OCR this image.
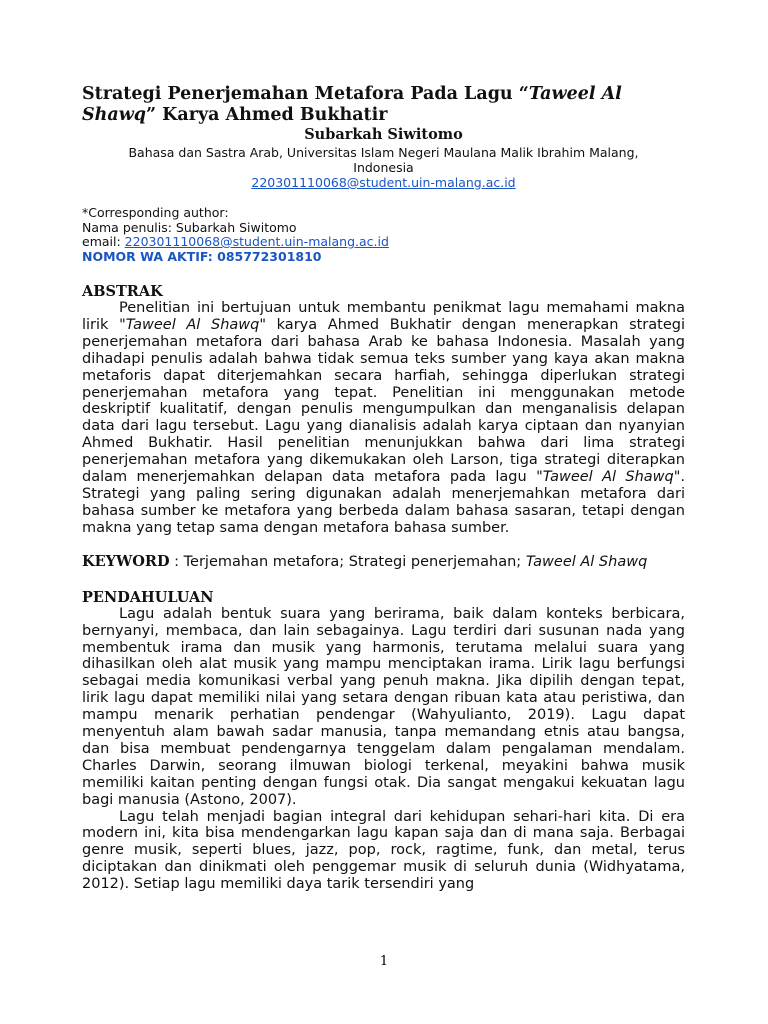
Strategi Penerjemahan Metafora Pada Lagu “Taweel Al Shawq” Karya Ahmed Bukhatir
Subarkah Siwitomo
Bahasa dan Sastra Arab, Universitas Islam Negeri Maulana Malik Ibrahim Malang, Indonesia
220301110068@student.uin-malang.ac.id
*Corresponding author:
Nama penulis: Subarkah Siwitomo
email: 220301110068@student.uin-malang.ac.id
NOMOR WA AKTIF: 085772301810
ABSTRAK

Penelitian ini bertujuan untuk membantu penikmat lagu memahami makna lirik "Taweel Al Shawq" karya Ahmed Bukhatir dengan menerapkan strategi penerjemahan metafora dari bahasa Arab ke bahasa Indonesia. Masalah yang dihadapi penulis adalah bahwa tidak semua teks sumber yang kaya akan makna metaforis dapat diterjemahkan secara harfiah, sehingga diperlukan strategi penerjemahan metafora yang tepat. Penelitian ini menggunakan metode deskriptif kualitatif, dengan penulis mengumpulkan dan menganalisis delapan data dari lagu tersebut. Lagu yang dianalisis adalah karya ciptaan dan nyanyian Ahmed Bukhatir. Hasil penelitian menunjukkan bahwa dari lima strategi penerjemahan metafora yang dikemukakan oleh Larson, tiga strategi diterapkan dalam menerjemahkan delapan data metafora pada lagu "Taweel Al Shawq". Strategi yang paling sering digunakan adalah menerjemahkan metafora dari bahasa sumber ke metafora yang berbeda dalam bahasa sasaran, tetapi dengan makna yang tetap sama dengan metafora bahasa sumber.

KEYWORD : Terjemahan metafora; Strategi penerjemahan; Taweel Al Shawq
PENDAHULUAN

Lagu adalah bentuk suara yang berirama, baik dalam konteks berbicara, bernyanyi, membaca, dan lain sebagainya. Lagu terdiri dari susunan nada yang membentuk irama dan musik yang harmonis, terutama melalui suara yang dihasilkan oleh alat musik yang mampu menciptakan irama. Lirik lagu berfungsi sebagai media komunikasi verbal yang penuh makna. Jika dipilih dengan tepat, lirik lagu dapat memiliki nilai yang setara dengan ribuan kata atau peristiwa, dan mampu menarik perhatian pendengar (Wahyulianto, 2019). Lagu dapat menyentuh alam bawah sadar manusia, tanpa memandang etnis atau bangsa, dan bisa membuat pendengarnya tenggelam dalam pengalaman mendalam. Charles Darwin, seorang ilmuwan biologi terkenal, meyakini bahwa musik memiliki kaitan penting dengan fungsi otak. Dia sangat mengakui kekuatan lagu bagi manusia (Astono, 2007).

Lagu telah menjadi bagian integral dari kehidupan sehari-hari kita. Di era modern ini, kita bisa mendengarkan lagu kapan saja dan di mana saja. Berbagai genre musik, seperti blues, jazz, pop, rock, ragtime, funk, dan metal, terus diciptakan dan dinikmati oleh penggemar musik di seluruh dunia (Widhyatama, 2012). Setiap lagu memiliki daya tarik tersendiri yang

1
